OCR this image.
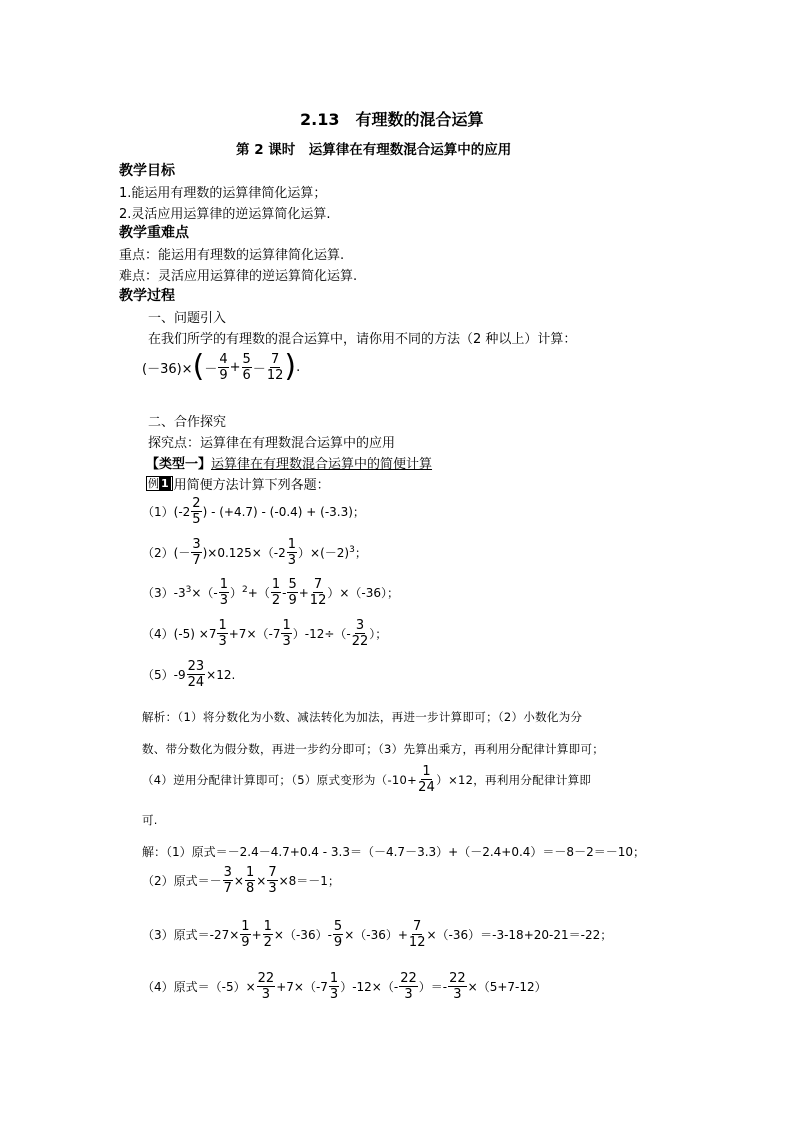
2.13　有理数的混合运算
第 2 课时　运算律在有理数混合运算中的应用
教学目标
1.能运用有理数的运算律简化运算；
2.灵活应用运算律的逆运算简化运算.
教学重难点
重点：能运用有理数的运算律简化运算.
难点：灵活应用运算律的逆运算简化运算.
教学过程
一、问题引入
在我们所学的有理数的混合运算中，请你用不同的方法（2 种以上）计算：
(－36)× ( － $\frac{4}{9} + \frac{5}{6} - \frac{7}{12}$ ) .
二、合作探究
探究点：运算律在有理数混合运算中的应用
【类型一】运算律在有理数混合运算中的简便计算
例 1 用简便方法计算下列各题：
$(1)(-2 \frac{2}{5}$ ) - (+4.7) - (-0.4) + (-3.3)；
$(2)(- \frac{3}{7} )\times 0.125\times(-2 \frac{1}{3} )\times(-2)^3$；
$(3)-3^3\times(- \frac{1}{3} )^2+( \frac{1}{2} - \frac{5}{9} + \frac{7}{12} )\times(-36)$；
$(4)(-5) \times 7 \frac{1}{3} +7\times(-7 \frac{1}{3} )-12\div(- \frac{3}{22}$ ）；
$(5)-9 \frac{23}{24} \times 12$.
解析：（1）将分数化为小数、减法转化为加法，再进一步计算即可；（2）小数化为分
数、带分数化为假分数，再进一步约分即可；（3）先算出乘方，再利用分配律计算即可；
（4）逆用分配律计算即可；（5）原式变形为$(-10+ \frac{1}{24} )\times 12$，再利用分配律计算即
可.
解：（1）原式＝－2.4－4.7+0.4 - 3.3＝（－4.7－3.3）+（－2.4+0.4）＝－8－2＝－10；
（2）原式＝－ $\frac{3}{7} \times \frac{1}{8} \times \frac{7}{3} \times 8=-1$；
（3）原式$=-27\times \frac{1}{9} + \frac{1}{2} \times(-36)- \frac{5}{9} \times(-36)+ \frac{7}{12} \times(-36)=-3-18+20-21=-22$；
（4）原式$=(-5)\times \frac{22}{3} +7\times(-7 \frac{1}{3} )-12\times(- \frac{22}{3}$ ）＝- $\frac{22}{3} \times(5+7-12)$
